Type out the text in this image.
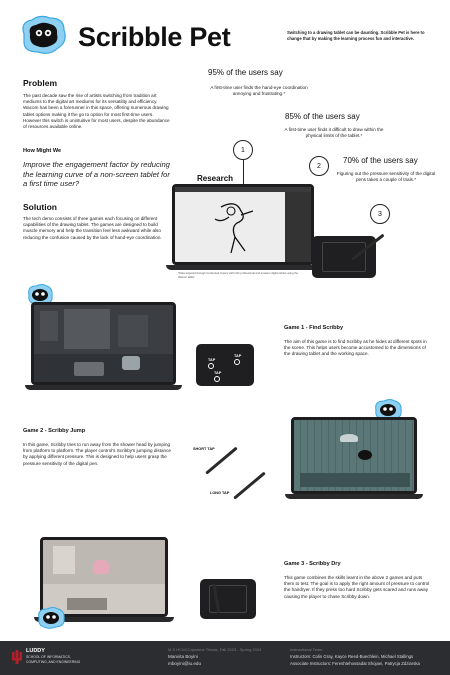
Scribble Pet	Switching to a drawing tablet can be daunting. Scribble Pet is here to change that by making the learning process fun and interactive.
Problem
The past decade saw the rise of artists switching from tradition art mediums to the digital art mediums for its versatility and efficiency. Wacom has been a forerunner in this space, offering numerous drawing tablet options making it the go to option for most first-time users. However this switch is unintuitive for most users, despite the abundance of resources available online.
How Might We
Improve the engagement factor by reducing the learning curve of a non-screen tablet for a first time user?
Solution
The tech demo consists of three games each focusing on different capabilities of the drawing tablet. The games are designed to build muscle memory and help the transition feel less awkward while also reducing the confusion caused by the lack of hand-eye coordination.
95% of the users say
A first-time user finds the hand-eye coordination annoying and frustrating.*
1
85% of the users say
A first-time user finds it difficult to draw within the physical limits of the tablet.*
2
70% of the users say
Figuring out the pressure sensitivity of the digital pens takes a couple of trials.*
3
Research
*Data acquired through Contextual Inquiry with both professional and amateur digital artists using the Wacom tablet
TAP
TAP
TAP
Game 1 - Find Scribby
The aim of this game is to find Scribby as he hides at different spots in the scene. This helps users become accustomed to the dimensions of the drawing tablet and the working space.
Game 2 - Scribby Jump
In this game, Scribby tries to run away from the shower head by jumping from platform to platform. The player control's Scribby's jumping distance by applying different pressure. This is designed to help users grasp the pressure sensitivity of the digital pen.
SHORT TAP
LONG TAP
Game 3 - Scribby Dry
This game combines the skills learnt in the above 2 games and puts them to test. The goal is to apply the right amount of pressure to control the hairdryer. If they press too hard Scribby gets scared and runs away causing the player to chase Scribby down.
LUDDY
SCHOOL OF INFORMATICS,
COMPUTING, AND ENGINEERING
M.S HCI/d Capstone Thesis, Fall 2023 - Spring 2024
Manvita Boyini
mboyini@iu.edu
Instructional Team
Instructors: Colin Gray, Kayce Reed-Buechlein, Michael Stallings
Associate Instructors: Fereshtehossadat Shojaei, Patrycja Zdziarska
